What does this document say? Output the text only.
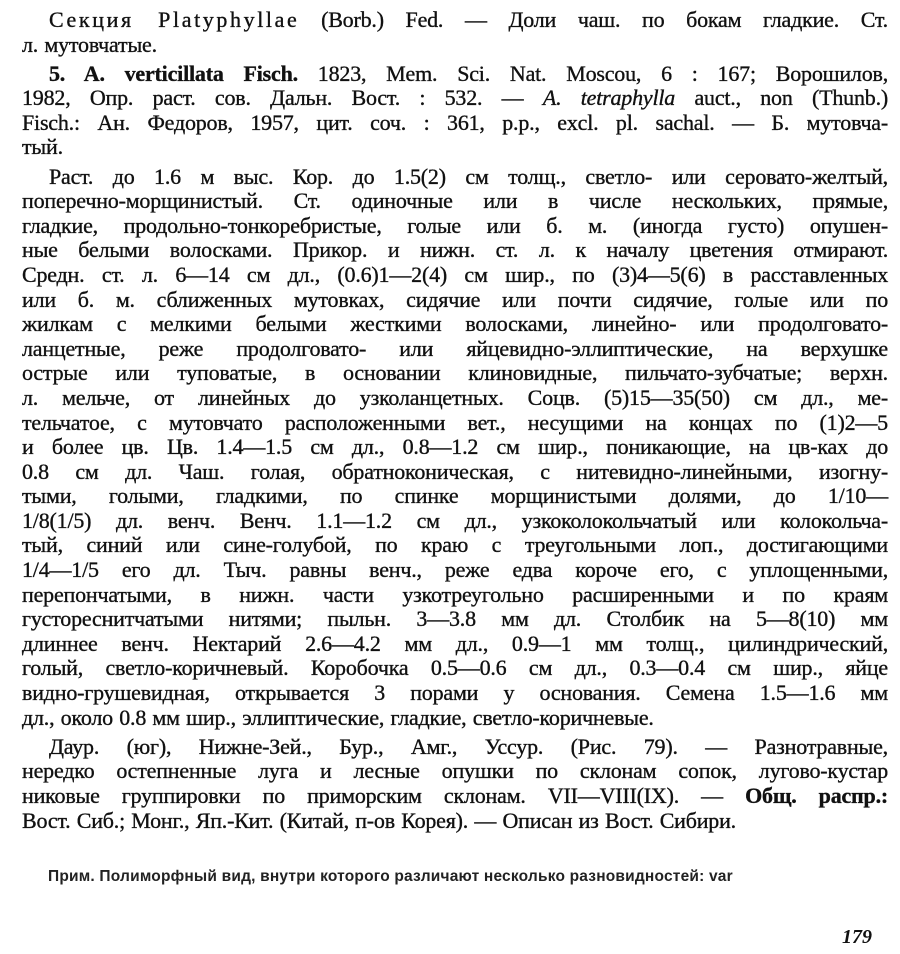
Секция Platyphyllae (Borb.) Fed. — Доли чаш. по бокам гладкие. Ст.
л. мутовчатые.
5. A. verticillata Fisch. 1823, Mem. Sci. Nat. Moscou, 6 : 167; Ворошилов,
1982, Опр. раст. сов. Дальн. Вост. : 532. — A. tetraphylla auct., non (Thunb.)
Fisch.: Ан. Федоров, 1957, цит. соч. : 361, p.p., excl. pl. sachal. — Б. мутовча-
тый.
Раст. до 1.6 м выс. Кор. до 1.5(2) см толщ., светло- или серовато-желтый,
поперечно-морщинистый. Ст. одиночные или в числе нескольких, прямые,
гладкие, продольно-тонкоребристые, голые или б. м. (иногда густо) опушен-
ные белыми волосками. Прикор. и нижн. ст. л. к началу цветения отмирают.
Средн. ст. л. 6—14 см дл., (0.6)1—2(4) см шир., по (3)4—5(6) в расставленных
или б. м. сближенных мутовках, сидячие или почти сидячие, голые или по
жилкам с мелкими белыми жесткими волосками, линейно- или продолговато-
ланцетные, реже продолговато- или яйцевидно-эллиптические, на верхушке
острые или туповатые, в основании клиновидные, пильчато-зубчатые; верхн.
л. мельче, от линейных до узколанцетных. Соцв. (5)15—35(50) см дл., ме-
тельчатое, с мутовчато расположенными вет., несущими на концах по (1)2—5
и более цв. Цв. 1.4—1.5 см дл., 0.8—1.2 см шир., поникающие, на цв-ках до
0.8 см дл. Чаш. голая, обратноконическая, с нитевидно-линейными, изогну-
тыми, голыми, гладкими, по спинке морщинистыми долями, до 1/10—
1/8(1/5) дл. венч. Венч. 1.1—1.2 см дл., узкоколокольчатый или колокольча-
тый, синий или сине-голубой, по краю с треугольными лоп., достигающими
1/4—1/5 его дл. Тыч. равны венч., реже едва короче его, с уплощенными,
перепончатыми, в нижн. части узкотреугольно расширенными и по краям
густореснитчатыми нитями; пыльн. 3—3.8 мм дл. Столбик на 5—8(10) мм
длиннее венч. Нектарий 2.6—4.2 мм дл., 0.9—1 мм толщ., цилиндрический,
голый, светло-коричневый. Коробочка 0.5—0.6 см дл., 0.3—0.4 см шир., яйце
видно-грушевидная, открывается 3 порами у основания. Семена 1.5—1.6 мм
дл., около 0.8 мм шир., эллиптические, гладкие, светло-коричневые.
Даур. (юг), Нижне-Зей., Бур., Амг., Уссур. (Рис. 79). — Разнотравные,
нередко остепненные луга и лесные опушки по склонам сопок, лугово-кустар
никовые группировки по приморским склонам. VII—VIII(IX). — Общ. распр.:
Вост. Сиб.; Монг., Яп.-Кит. (Китай, п-ов Корея). — Описан из Вост. Сибири.
Прим. Полиморфный вид, внутри которого различают несколько разновидностей: var
179
